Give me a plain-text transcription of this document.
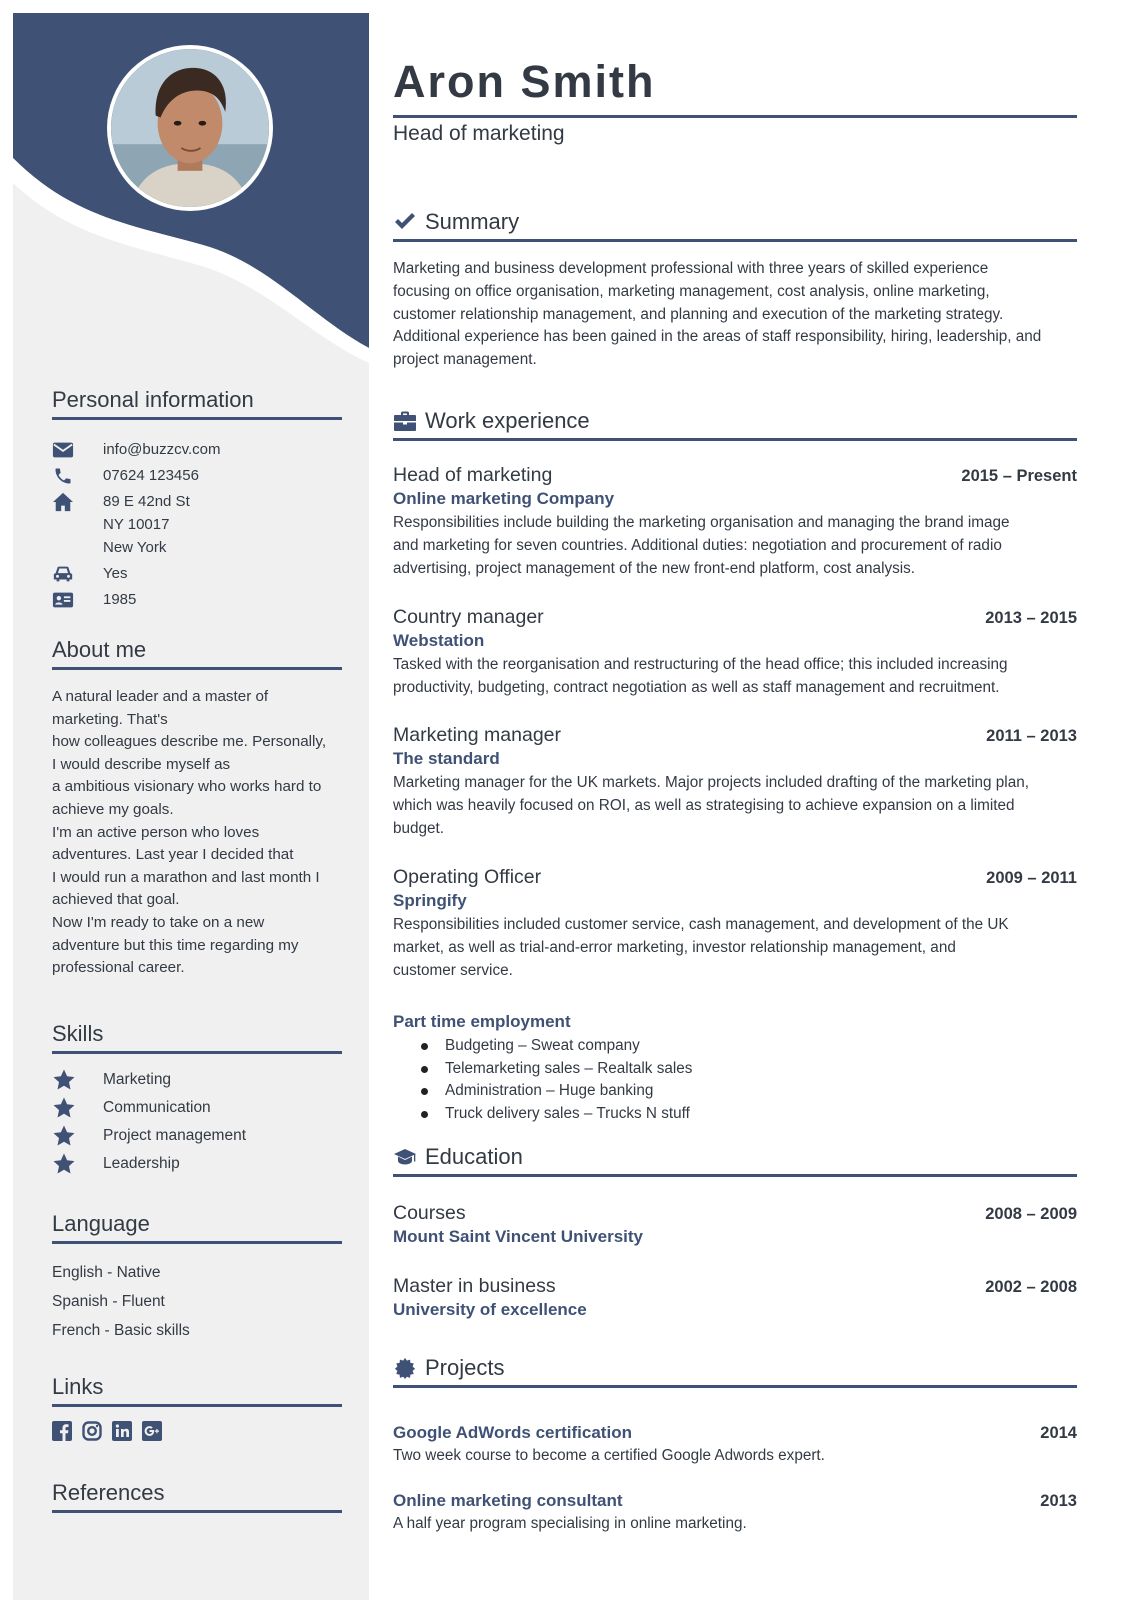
Personal information
info@buzzcv.com
07624 123456
89 E 42nd St
NY 10017
New York
Yes
1985
About me
A natural leader and a master of
marketing. That's
how colleagues describe me. Personally,
I would describe myself as
a ambitious visionary who works hard to
achieve my goals.
I'm an active person who loves
adventures. Last year I decided that
I would run a marathon and last month I
achieved that goal.
Now I'm ready to take on a new
adventure but this time regarding my
professional career.
Skills
Marketing
Communication
Project management
Leadership
Language
English - Native
Spanish - Fluent
French - Basic skills
Links
References
Aron Smith
Head of marketing
Summary
Marketing and business development professional with three years of skilled experience
focusing on office organisation, marketing management, cost analysis, online marketing,
customer relationship management, and planning and execution of the marketing strategy.
Additional experience has been gained in the areas of staff responsibility, hiring, leadership, and
project management.
Work experience
Head of marketing	2015 – Present
Online marketing Company
Responsibilities include building the marketing organisation and managing the brand image
and marketing for seven countries. Additional duties: negotiation and procurement of radio
advertising, project management of the new front-end platform, cost analysis.
Country manager	2013 – 2015
Webstation
Tasked with the reorganisation and restructuring of the head office; this included increasing
productivity, budgeting, contract negotiation as well as staff management and recruitment.
Marketing manager	2011 – 2013
The standard
Marketing manager for the UK markets. Major projects included drafting of the marketing plan,
which was heavily focused on ROI, as well as strategising to achieve expansion on a limited
budget.
Operating Officer	2009 – 2011
Springify
Responsibilities included customer service, cash management, and development of the UK
market, as well as trial-and-error marketing, investor relationship management, and
customer service.
Part time employment
Budgeting – Sweat company
Telemarketing sales – Realtalk sales
Administration – Huge banking
Truck delivery sales – Trucks N stuff
Education
Courses	2008 – 2009
Mount Saint Vincent University
Master in business	2002 – 2008
University of excellence
Projects
Google AdWords certification	2014
Two week course to become a certified Google Adwords expert.
Online marketing consultant	2013
A half year program specialising in online marketing.
